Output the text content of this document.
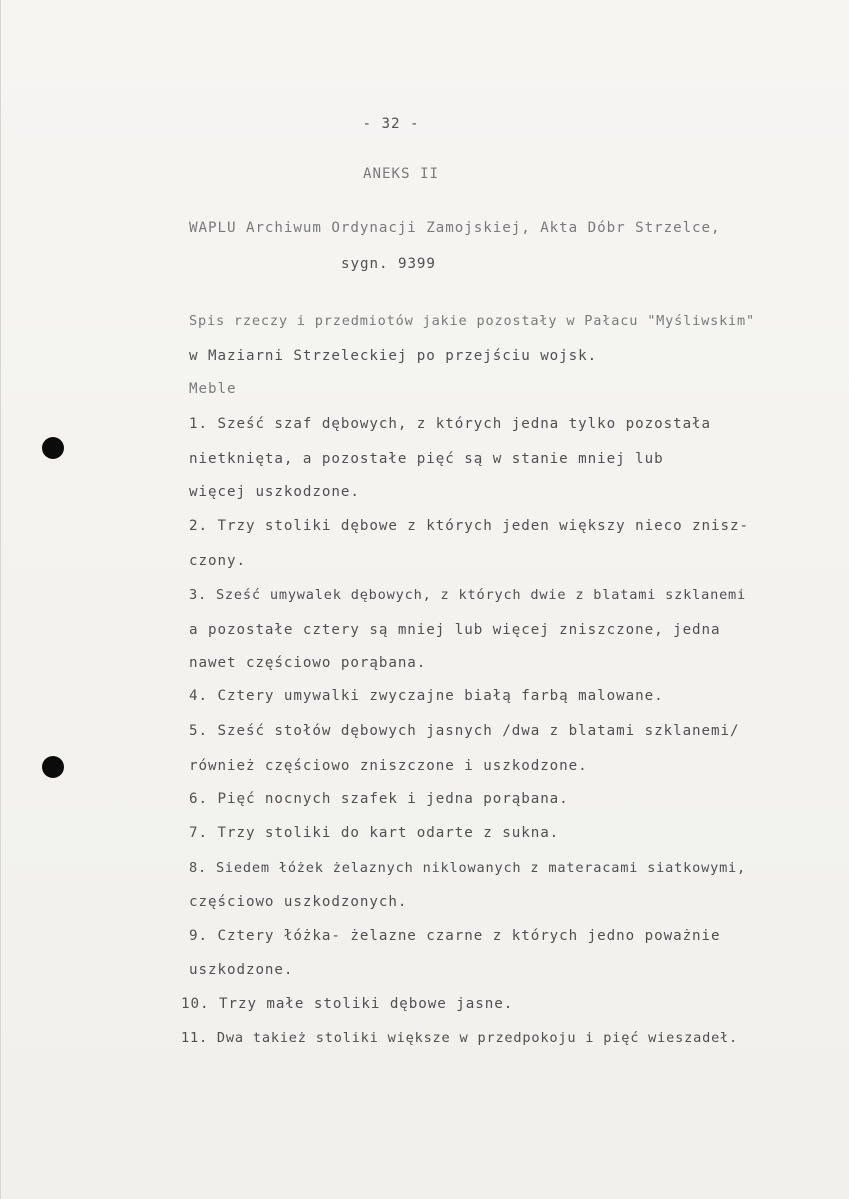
- 32 -
ANEKS II
WAPLU Archiwum Ordynacji Zamojskiej, Akta Dóbr Strzelce,
sygn. 9399
Spis rzeczy i przedmiotów jakie pozostały w Pałacu "Myśliwskim"
w Maziarni Strzeleckiej po przejściu wojsk.
Meble
1. Sześć szaf dębowych, z których jedna tylko pozostała
nietknięta, a pozostałe pięć są w stanie mniej lub
więcej uszkodzone.
2. Trzy stoliki dębowe z których jeden większy nieco znisz-
czony.
3. Sześć umywalek dębowych, z których dwie z blatami szklanemi
a pozostałe cztery są mniej lub więcej zniszczone, jedna
nawet częściowo porąbana.
4. Cztery umywalki zwyczajne białą farbą malowane.
5. Sześć stołów dębowych jasnych /dwa z blatami szklanemi/
również częściowo zniszczone i uszkodzone.
6. Pięć nocnych szafek i jedna porąbana.
7. Trzy stoliki do kart odarte z sukna.
8. Siedem łóżek żelaznych niklowanych z materacami siatkowymi,
częściowo uszkodzonych.
9. Cztery łóżka- żelazne czarne z których jedno poważnie
uszkodzone.
10. Trzy małe stoliki dębowe jasne.
11. Dwa takież stoliki większe w przedpokoju i pięć wieszadeł.
